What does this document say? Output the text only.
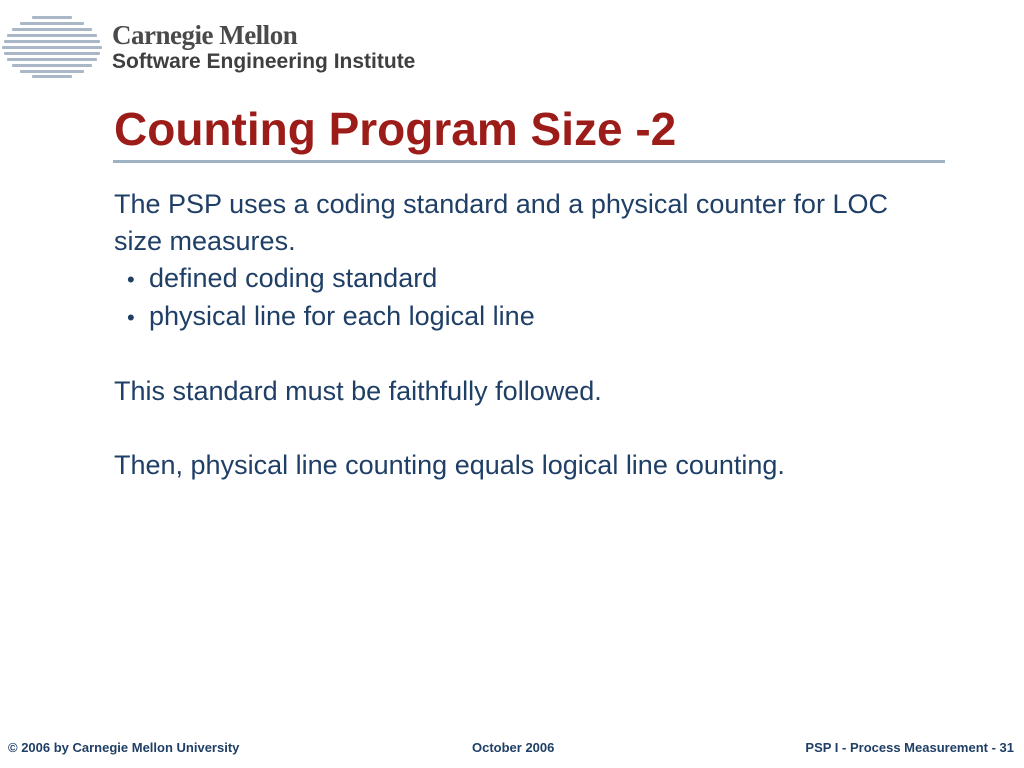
Carnegie Mellon
Software Engineering Institute
Counting Program Size -2

The PSP uses a coding standard and a physical counter for LOC size measures.

• defined coding standard
• physical line for each logical line

This standard must be faithfully followed.

Then, physical line counting equals logical line counting.

© 2006 by Carnegie Mellon University	October 2006	PSP I - Process Measurement - 31
